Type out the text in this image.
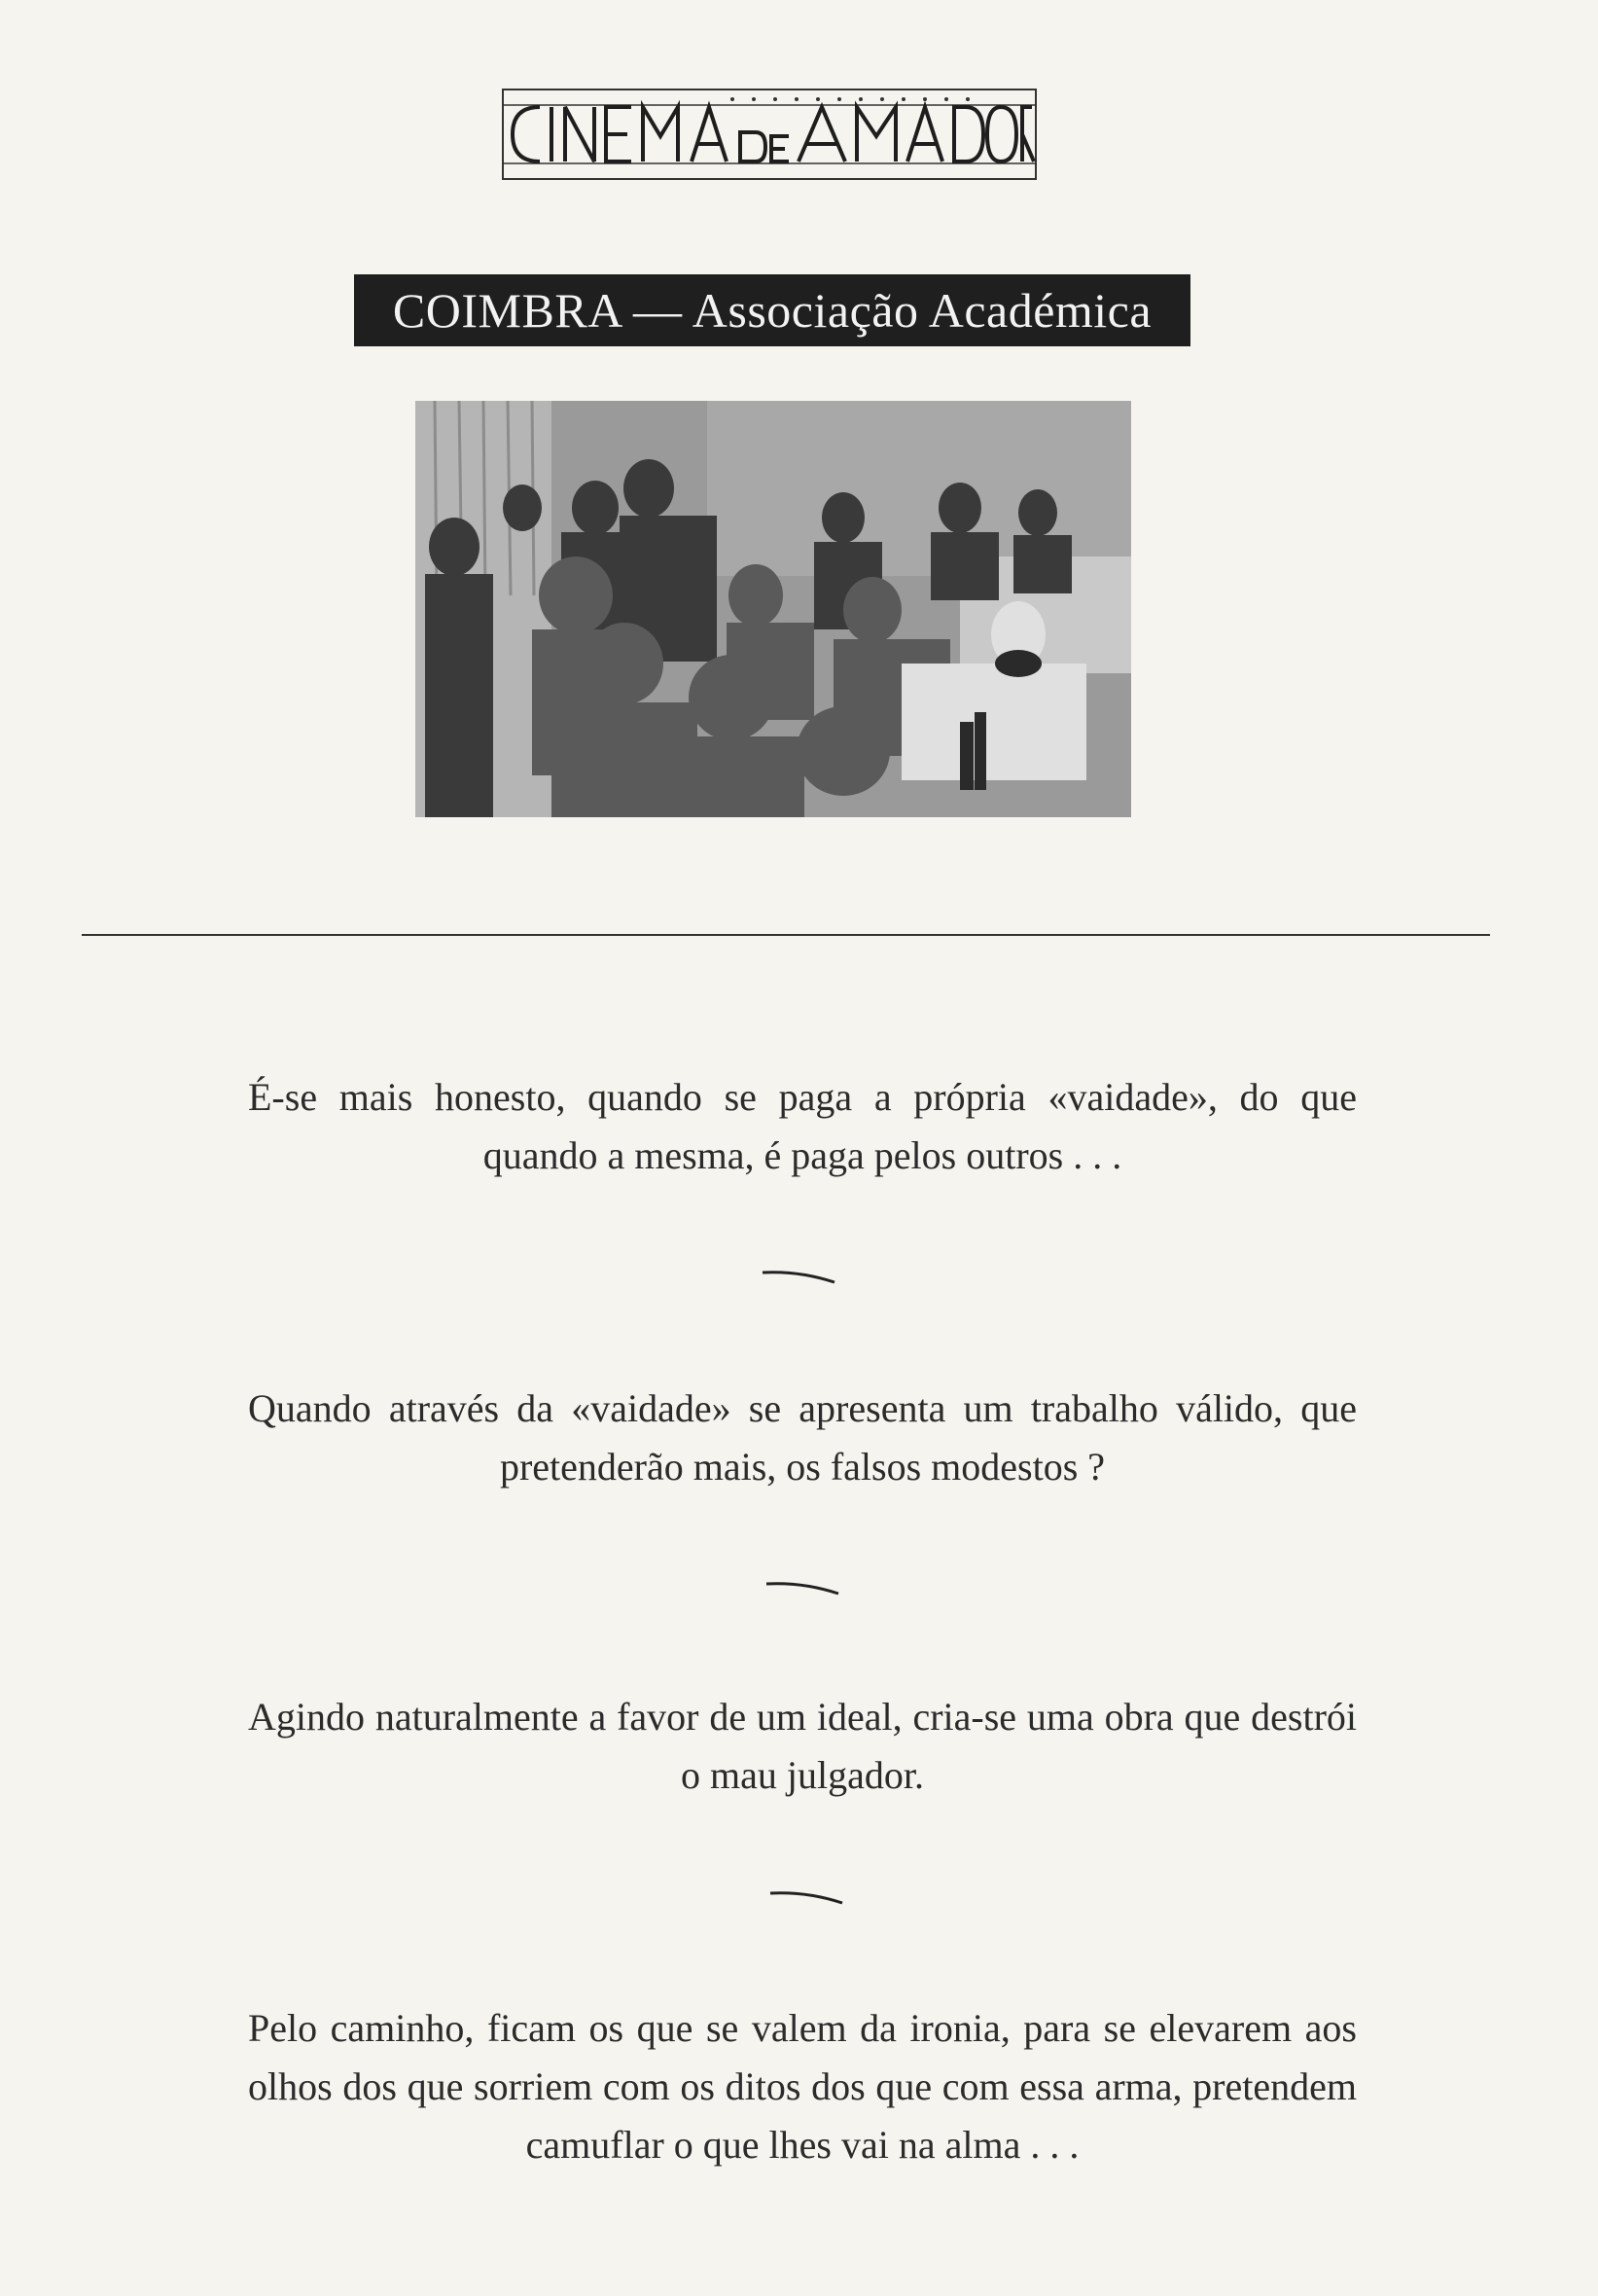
COIMBRA — Associação Académica
É-se mais honesto, quando se paga a própria «vaidade», do que quando a mesma, é paga pelos outros . . .
Quando através da «vaidade» se apresenta um trabalho válido, que pretenderão mais, os falsos modestos ?
Agindo naturalmente a favor de um ideal, cria-se uma obra que destrói o mau julgador.
Pelo caminho, ficam os que se valem da ironia, para se elevarem aos olhos dos que sorriem com os ditos dos que com essa arma, pretendem camuflar o que lhes vai na alma . . .
